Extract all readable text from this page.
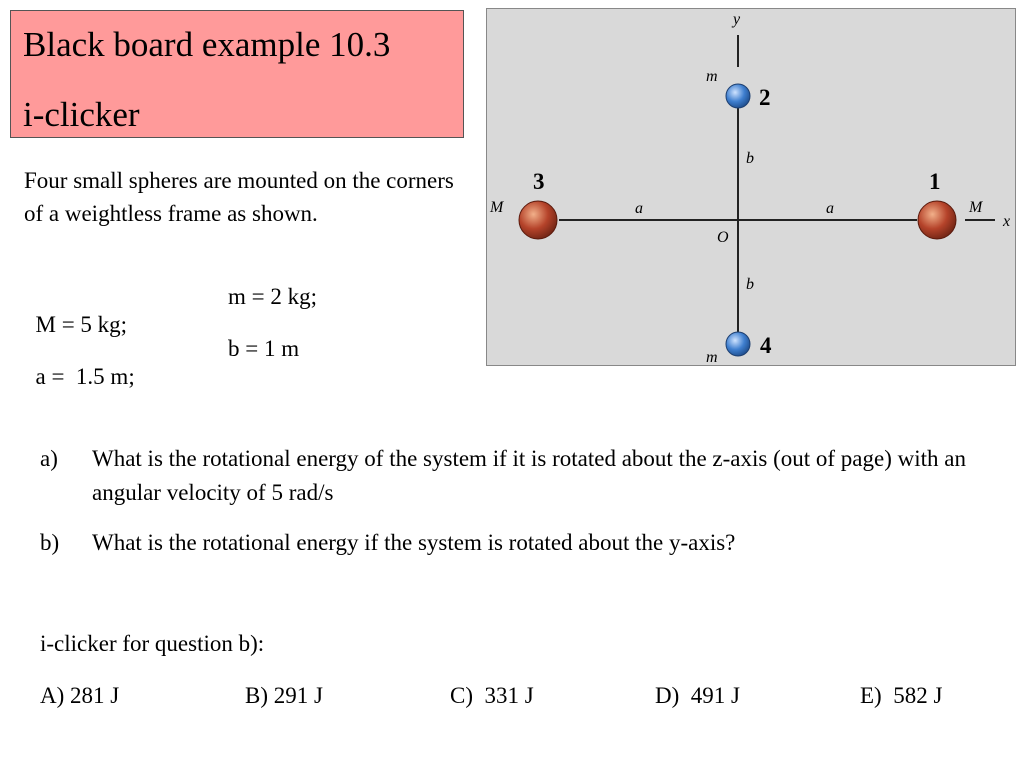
Black board example 10.3
i-clicker
Four small spheres are mounted on the corners of a weightless frame as shown.

M = 5 kg;

m = 2 kg;

a =  1.5 m;

b = 1 m

y
x
O
a	a
b
b
M	M
m
m
1
2
3
4
a) What is the rotational energy of the system if it is rotated about the z-axis (out of page) with an angular velocity of 5 rad/s
b) What is the rotational energy if the system is rotated about the y-axis?
i-clicker for question b):
A) 281 J	B) 291 J	C)  331 J	D)  491 J	E)  582 J
